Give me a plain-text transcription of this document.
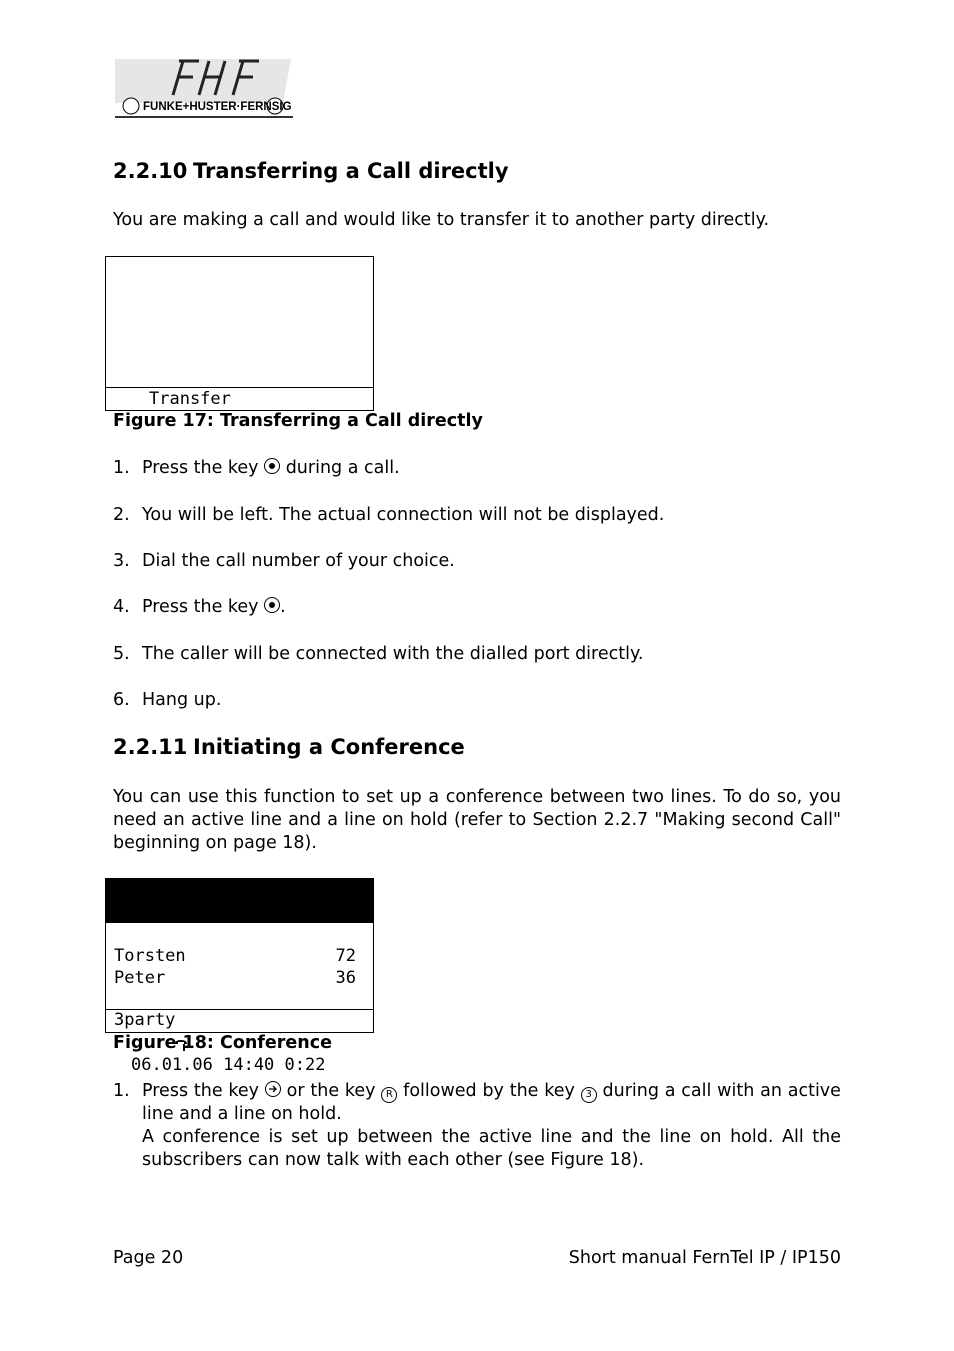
FUNKE+HUSTER·FERNSIG
2.2.10 Transferring a Call directly
You are making a call and would like to transfer it to another party directly.
Transfer
Figure 17: Transferring a Call directly
1. Press the key during a call.
2. You will be left. The actual connection will not be displayed.
3. Dial the call number of your choice.
4. Press the key .
5. The caller will be connected with the dialled port directly.
6. Hang up.
2.2.11 Initiating a Conference
You can use this function to set up a conference between two lines. To do so, you need an active line and a line on hold (refer to Section 2.2.7 "Making second Call" beginning on page 18).

anonym

Torsten	72

Peter	36

3party

06.01.06 14:40 0:22

Figure 18: Conference
1. Press the key or the key R followed by the key 3 during a call with an active line and a line on hold.
A conference is set up between the active line and the line on hold. All the subscribers can now talk with each other (see Figure 18).
Page 20	Short manual FernTel IP / IP150
